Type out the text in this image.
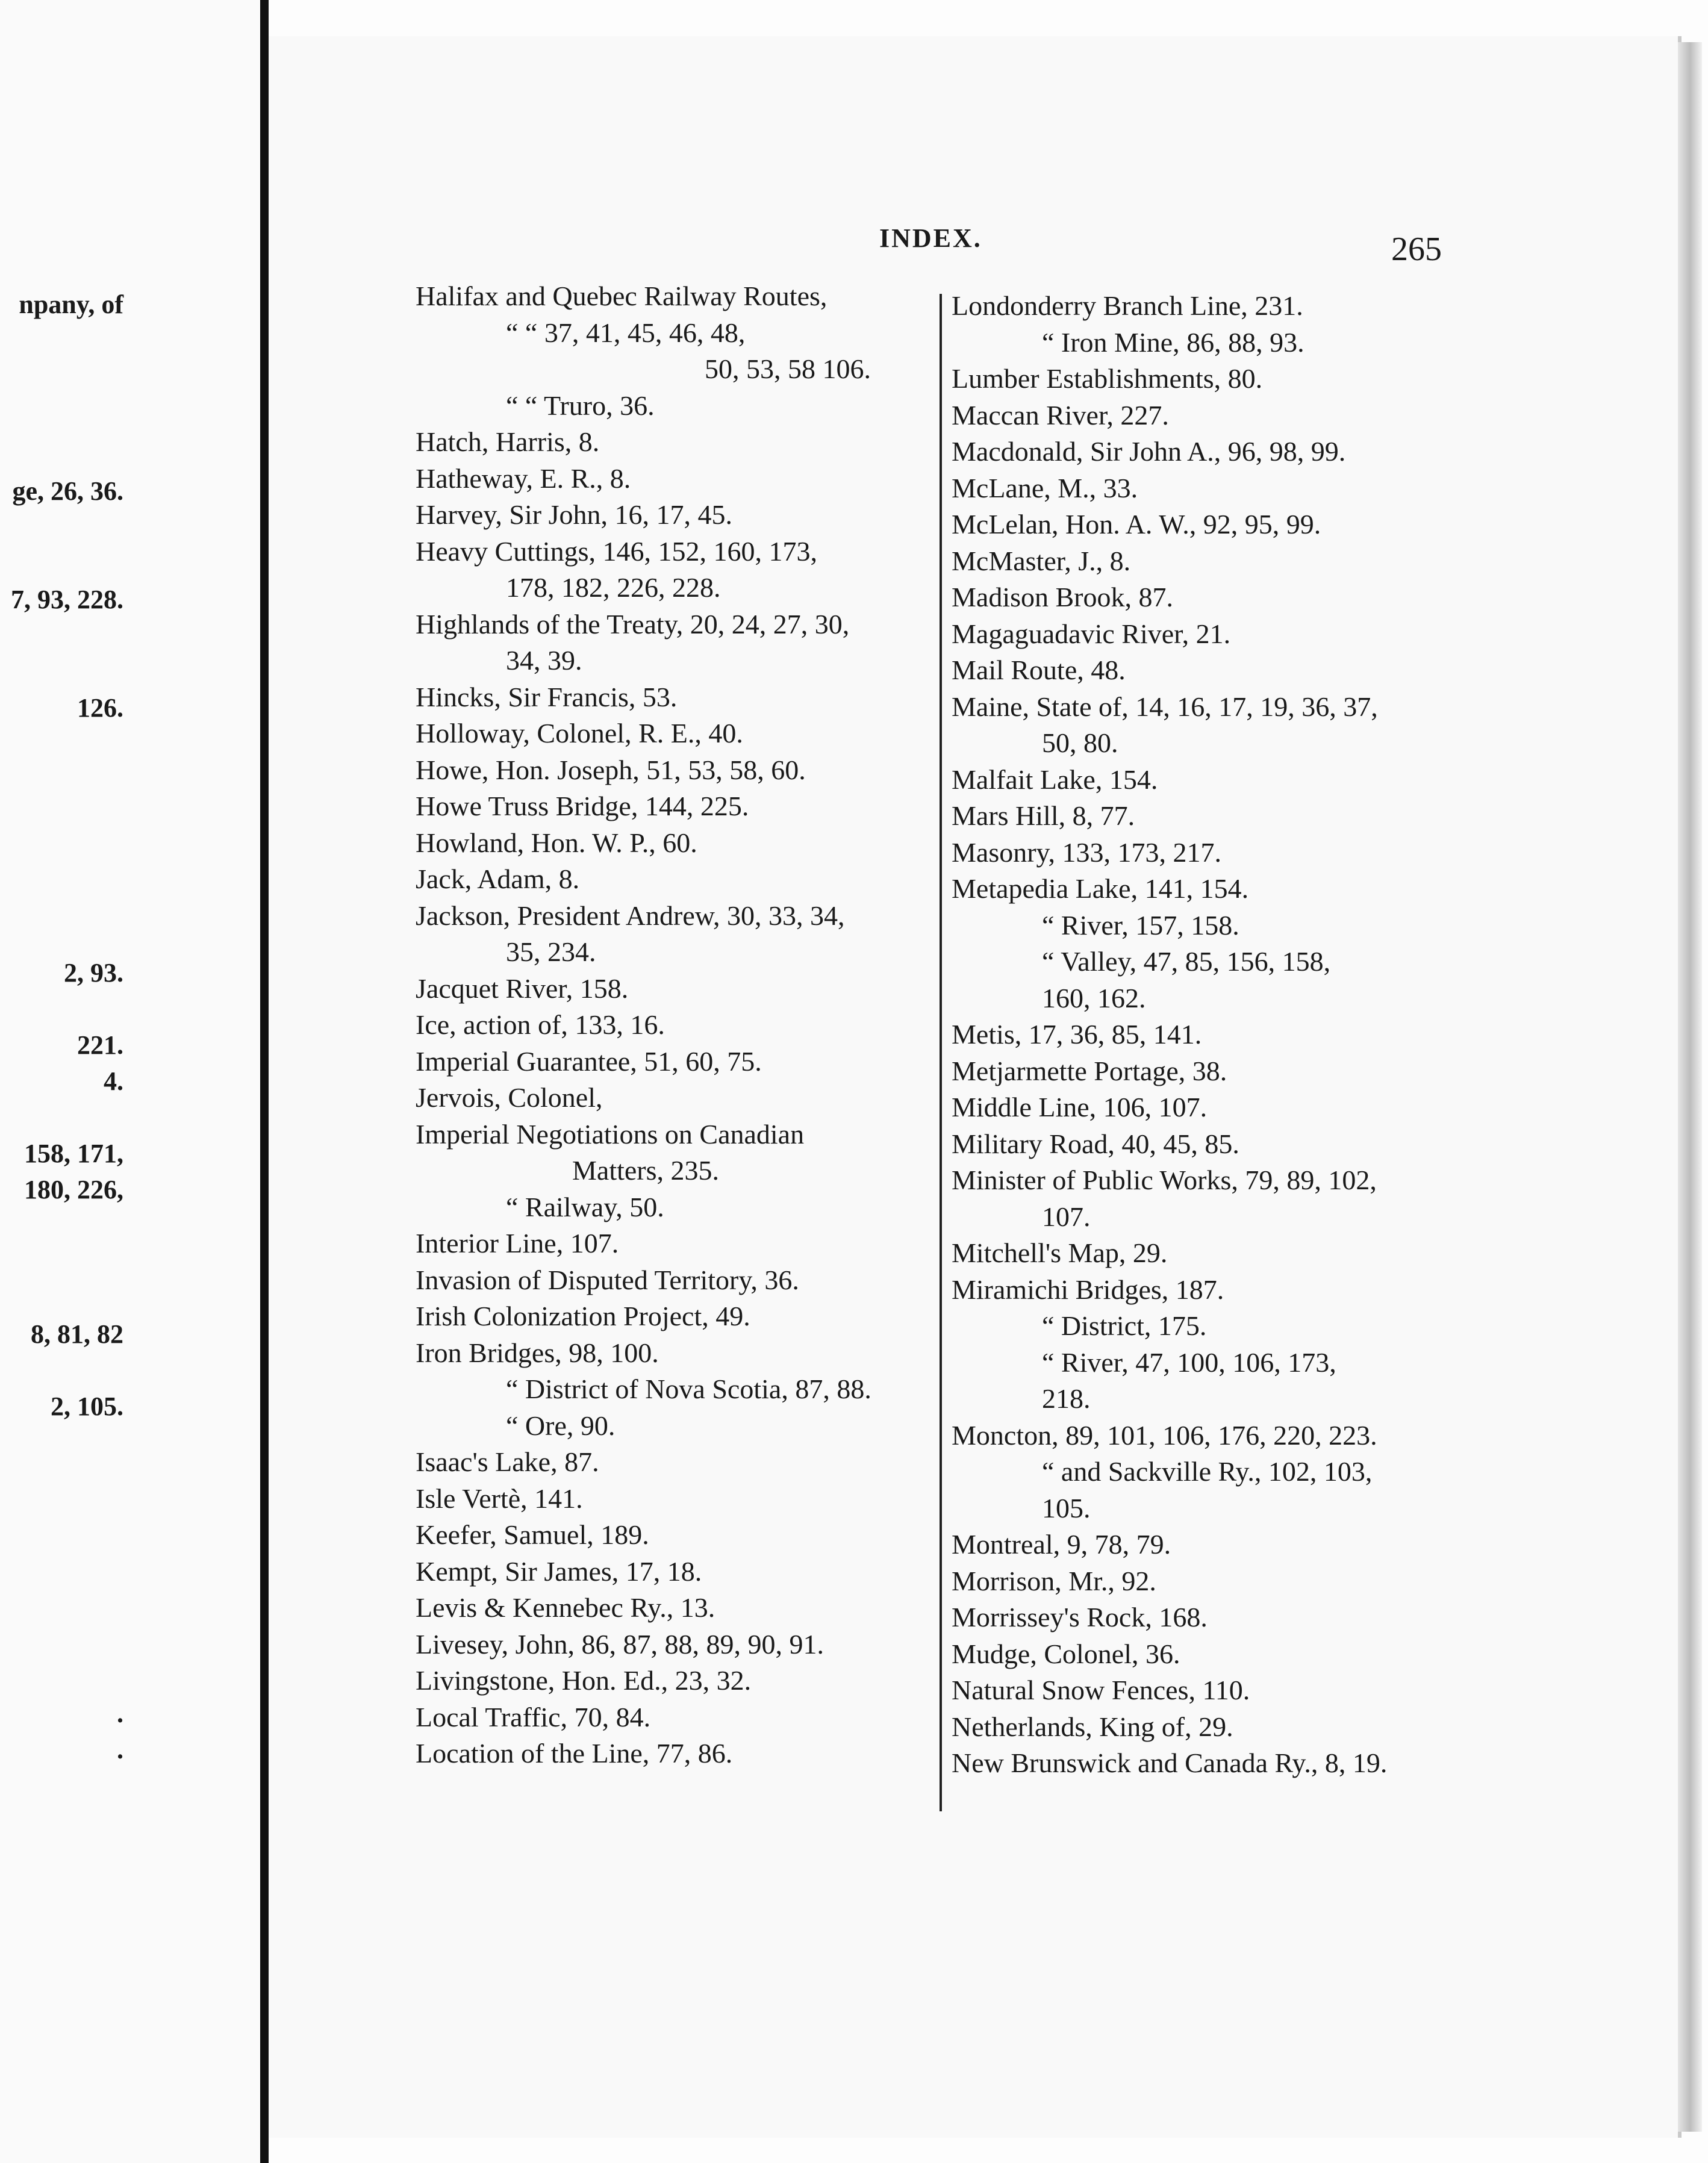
npany, of
ge, 26, 36.
7, 93, 228.
126.
2, 93.
221.
4.
158, 171,
180, 226,
8, 81, 82
2, 105.
.
.
INDEX.	265
Halifax and Quebec Railway Routes,
“ “ 37, 41, 45, 46, 48,
50, 53, 58 106.
“ “ Truro, 36.
Hatch, Harris, 8.
Hatheway, E. R., 8.
Harvey, Sir John, 16, 17, 45.
Heavy Cuttings, 146, 152, 160, 173,
178, 182, 226, 228.
Highlands of the Treaty, 20, 24, 27, 30,
34, 39.
Hincks, Sir Francis, 53.
Holloway, Colonel, R. E., 40.
Howe, Hon. Joseph, 51, 53, 58, 60.
Howe Truss Bridge, 144, 225.
Howland, Hon. W. P., 60.
Jack, Adam, 8.
Jackson, President Andrew, 30, 33, 34,
35, 234.
Jacquet River, 158.
Ice, action of, 133, 16.
Imperial Guarantee, 51, 60, 75.
Jervois, Colonel,
Imperial Negotiations on Canadian
Matters, 235.
“ Railway, 50.
Interior Line, 107.
Invasion of Disputed Territory, 36.
Irish Colonization Project, 49.
Iron Bridges, 98, 100.
“ District of Nova Scotia, 87, 88.
“ Ore, 90.
Isaac's Lake, 87.
Isle Vertè, 141.
Keefer, Samuel, 189.
Kempt, Sir James, 17, 18.
Levis & Kennebec Ry., 13.
Livesey, John, 86, 87, 88, 89, 90, 91.
Livingstone, Hon. Ed., 23, 32.
Local Traffic, 70, 84.
Location of the Line, 77, 86.
Londonderry Branch Line, 231.
“ Iron Mine, 86, 88, 93.
Lumber Establishments, 80.
Maccan River, 227.
Macdonald, Sir John A., 96, 98, 99.
McLane, M., 33.
McLelan, Hon. A. W., 92, 95, 99.
McMaster, J., 8.
Madison Brook, 87.
Magaguadavic River, 21.
Mail Route, 48.
Maine, State of, 14, 16, 17, 19, 36, 37,
50, 80.
Malfait Lake, 154.
Mars Hill, 8, 77.
Masonry, 133, 173, 217.
Metapedia Lake, 141, 154.
“ River, 157, 158.
“ Valley, 47, 85, 156, 158,
160, 162.
Metis, 17, 36, 85, 141.
Metjarmette Portage, 38.
Middle Line, 106, 107.
Military Road, 40, 45, 85.
Minister of Public Works, 79, 89, 102,
107.
Mitchell's Map, 29.
Miramichi Bridges, 187.
“ District, 175.
“ River, 47, 100, 106, 173,
218.
Moncton, 89, 101, 106, 176, 220, 223.
“ and Sackville Ry., 102, 103,
105.
Montreal, 9, 78, 79.
Morrison, Mr., 92.
Morrissey's Rock, 168.
Mudge, Colonel, 36.
Natural Snow Fences, 110.
Netherlands, King of, 29.
New Brunswick and Canada Ry., 8, 19.
